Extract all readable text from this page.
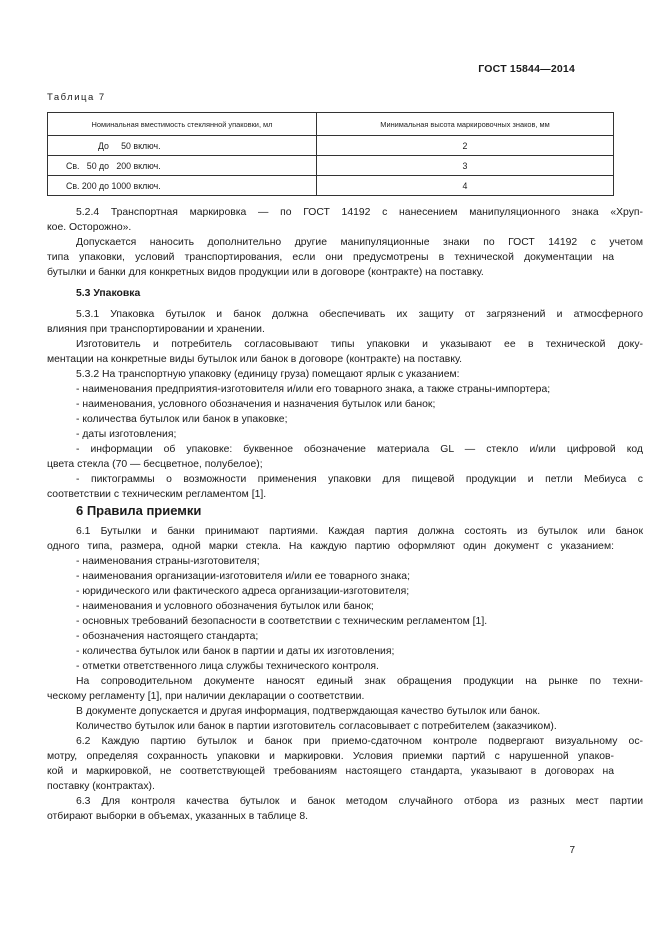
ГОСТ 15844—2014
Таблица 7
Номинальная вместимость стеклянной упаковки, мл	Минимальная высота маркировочных знаков, мм
До     50 включ.	2
Св.   50 до   200 включ.	3
Св. 200 до 1000 включ.	4
5.2.4 Транспортная маркировка — по ГОСТ 14192 с нанесением манипуляционного знака «Хруп-
кое. Осторожно».
Допускается наносить дополнительно другие манипуляционные знаки по ГОСТ 14192 с учетом
типа упаковки, условий транспортирования, если они предусмотрены в технической документации на
бутылки и банки для конкретных видов продукции или в договоре (контракте) на поставку.
5.3 Упаковка
5.3.1 Упаковка бутылок и банок должна обеспечивать их защиту от загрязнений и атмосферного
влияния при транспортировании и хранении.
Изготовитель и потребитель согласовывают типы упаковки и указывают ее в технической доку-
ментации на конкретные виды бутылок или банок в договоре (контракте) на поставку.
5.3.2 На транспортную упаковку (единицу груза) помещают ярлык с указанием:
- наименования предприятия-изготовителя и/или его товарного знака, а также страны-импортера;
- наименования, условного обозначения и назначения бутылок или банок;
- количества бутылок или банок в упаковке;
- даты изготовления;
- информации об упаковке: буквенное обозначение материала GL — стекло и/или цифровой код
цвета стекла (70 — бесцветное, полубелое);
- пиктограммы о возможности применения упаковки для пищевой продукции и петли Мебиуса с
соответствии с техническим регламентом [1].
6 Правила приемки
6.1 Бутылки и банки принимают партиями. Каждая партия должна состоять из бутылок или банок
одного типа, размера, одной марки стекла. На каждую партию оформляют один документ с указанием:
- наименования страны-изготовителя;
- наименования организации-изготовителя и/или ее товарного знака;
- юридического или фактического адреса организации-изготовителя;
- наименования и условного обозначения бутылок или банок;
- основных требований безопасности в соответствии с техническим регламентом [1].
- обозначения настоящего стандарта;
- количества бутылок или банок в партии и даты их изготовления;
- отметки ответственного лица службы технического контроля.
На сопроводительном документе наносят единый знак обращения продукции на рынке по техни-
ческому регламенту [1], при наличии декларации о соответствии.
В документе допускается и другая информация, подтверждающая качество бутылок или банок.
Количество бутылок или банок в партии изготовитель согласовывает с потребителем (заказчиком).
6.2 Каждую партию бутылок и банок при приемо-сдаточном контроле подвергают визуальному ос-
мотру, определяя сохранность упаковки и маркировки. Условия приемки партий с нарушенной упаков-
кой и маркировкой, не соответствующей требованиям настоящего стандарта, указывают в договорах на
поставку (контрактах).
6.3 Для контроля качества бутылок и банок методом случайного отбора из разных мест партии
отбирают выборки в объемах, указанных в таблице 8.
7
